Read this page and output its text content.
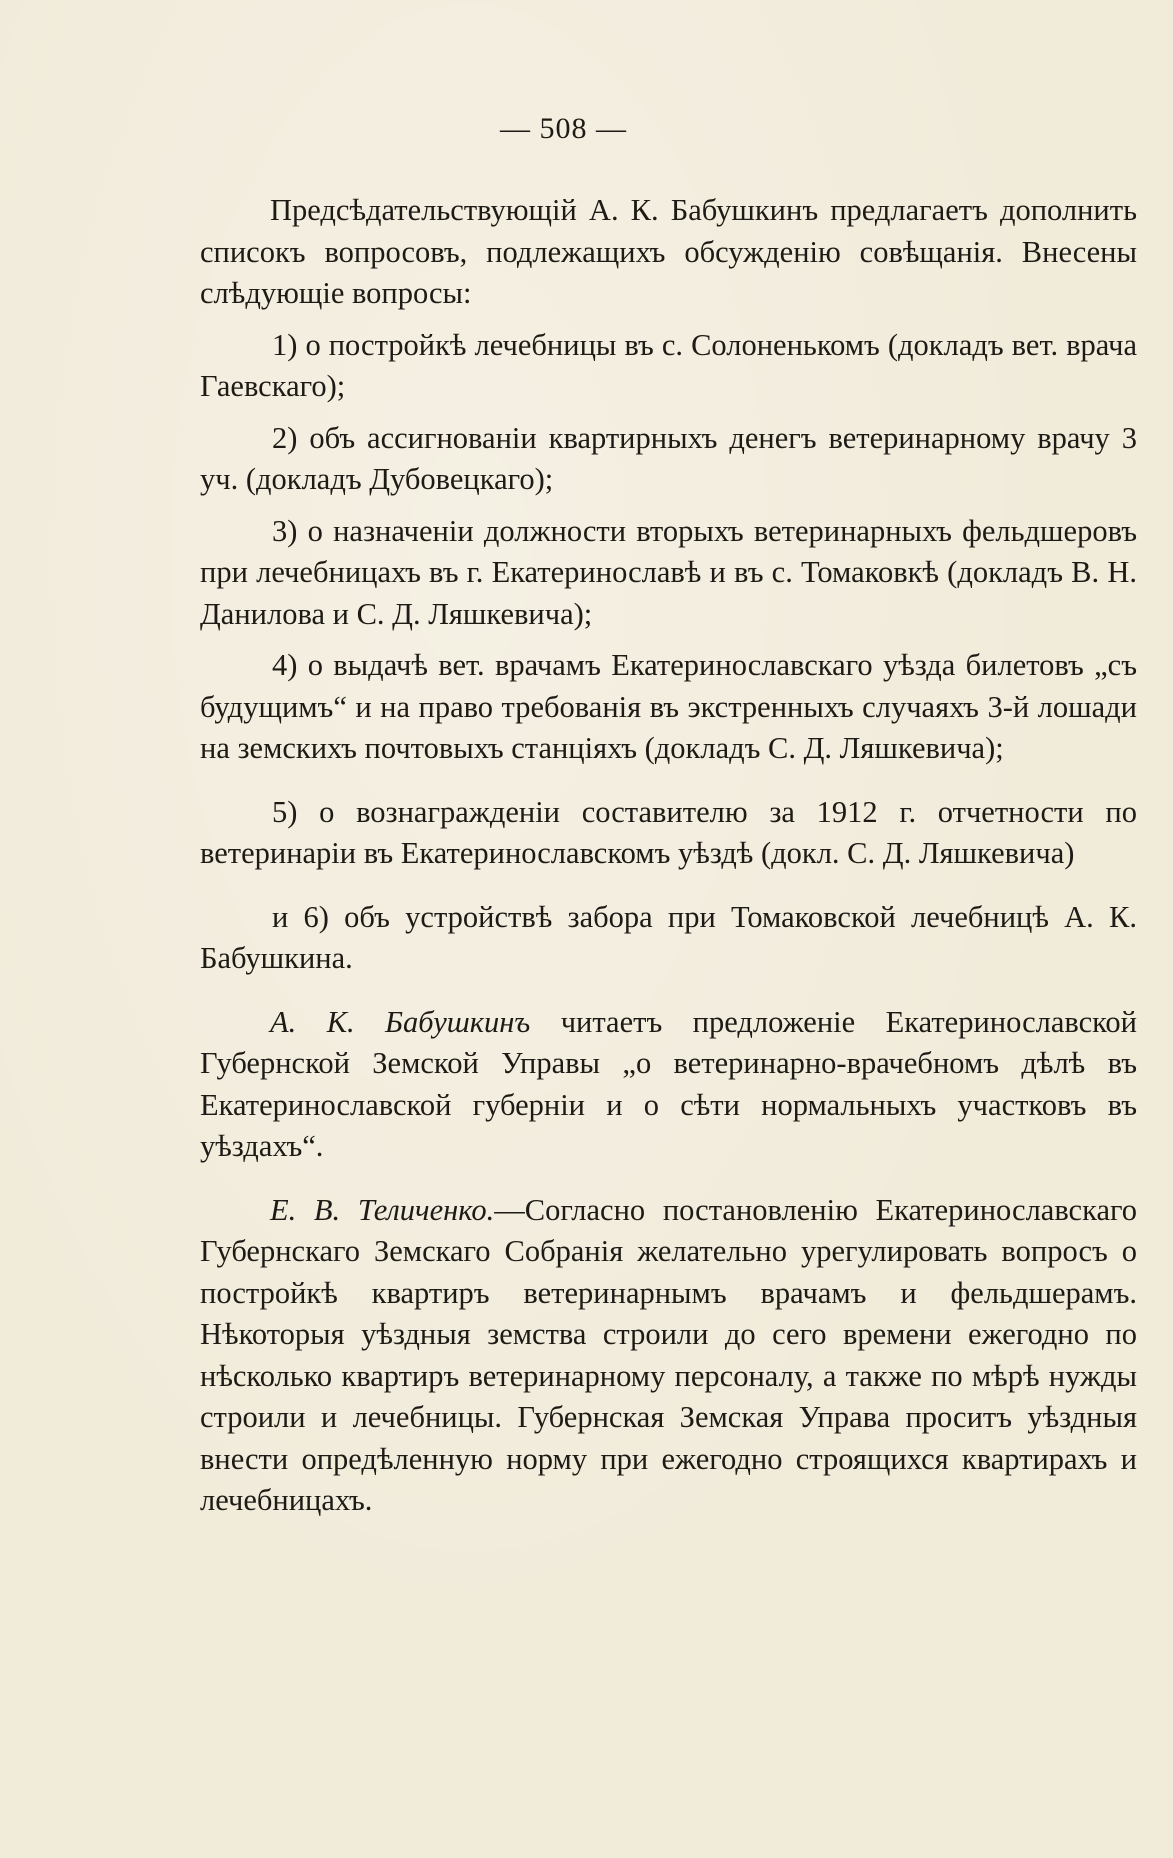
— 508 —

Предсѣдательствующій А. К. Бабушкинъ предлагаетъ дополнить списокъ вопросовъ, подлежащихъ обсужденію совѣщанія. Внесены слѣдующіе вопросы:

1) о постройкѣ лечебницы въ с. Солоненькомъ (докладъ вет. врача Гаевскаго);

2) объ ассигнованіи квартирныхъ денегъ ветеринарному врачу 3 уч. (докладъ Дубовецкаго);

3) о назначеніи должности вторыхъ ветеринарныхъ фельдшеровъ при лечебницахъ въ г. Екатеринославѣ и въ с. Томаковкѣ (докладъ В. Н. Данилова и С. Д. Ляшкевича);

4) о выдачѣ вет. врачамъ Екатеринославскаго уѣзда билетовъ „съ будущимъ“ и на право требованія въ экстренныхъ случаяхъ 3-й лошади на земскихъ почтовыхъ станціяхъ (докладъ С. Д. Ляшкевича);

5) о вознагражденіи составителю за 1912 г. отчетности по ветеринаріи въ Екатеринославскомъ уѣздѣ (докл. С. Д. Ляшкевича)

и 6) объ устройствѣ забора при Томаковской лечебницѣ А. К. Бабушкина.

А. К. Бабушкинъ читаетъ предложеніе Екатеринославской Губернской Земской Управы „о ветеринарно-врачебномъ дѣлѣ въ Екатеринославской губерніи и о сѣти нормальныхъ участковъ въ уѣздахъ“.

Е. В. Теличенко.—Согласно постановленію Екатеринославскаго Губернскаго Земскаго Собранія желательно урегулировать вопросъ о постройкѣ квартиръ ветеринарнымъ врачамъ и фельдшерамъ. Нѣкоторыя уѣздныя земства строили до сего времени ежегодно по нѣсколько квартиръ ветеринарному персоналу, а также по мѣрѣ нужды строили и лечебницы. Губернская Земская Управа проситъ уѣздныя внести опредѣленную норму при ежегодно строящихся квартирахъ и лечебницахъ.
